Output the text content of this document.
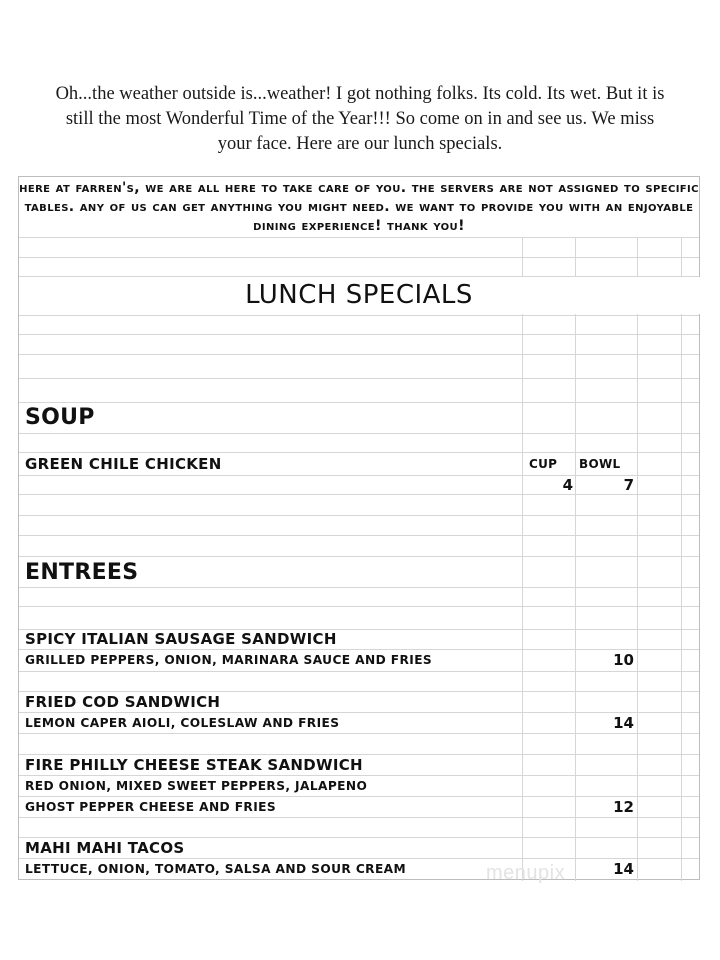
Oh...the weather outside is...weather! I got nothing folks. Its cold. Its wet. But it is still the most Wonderful Time of the Year!!! So come on in and see us. We miss your face. Here are our lunch specials.
here at farren's, we are all here to take care of you. the servers are not assigned to specific tables. any of us can get anything you might need. we want to provide you with an enjoyable dining experience! thank you!
LUNCH SPECIALS
SOUP
GREEN CHILE CHICKEN	CUP BOWL
4	7
ENTREES
SPICY ITALIAN SAUSAGE SANDWICH
GRILLED PEPPERS, ONION, MARINARA SAUCE AND FRIES	10
FRIED COD SANDWICH
LEMON CAPER AIOLI, COLESLAW AND FRIES	14
FIRE PHILLY CHEESE STEAK SANDWICH
RED ONION, MIXED SWEET PEPPERS, JALAPENO
GHOST PEPPER CHEESE AND FRIES	12
MAHI MAHI TACOS
LETTUCE, ONION, TOMATO, SALSA AND SOUR CREAM	14
menupix
